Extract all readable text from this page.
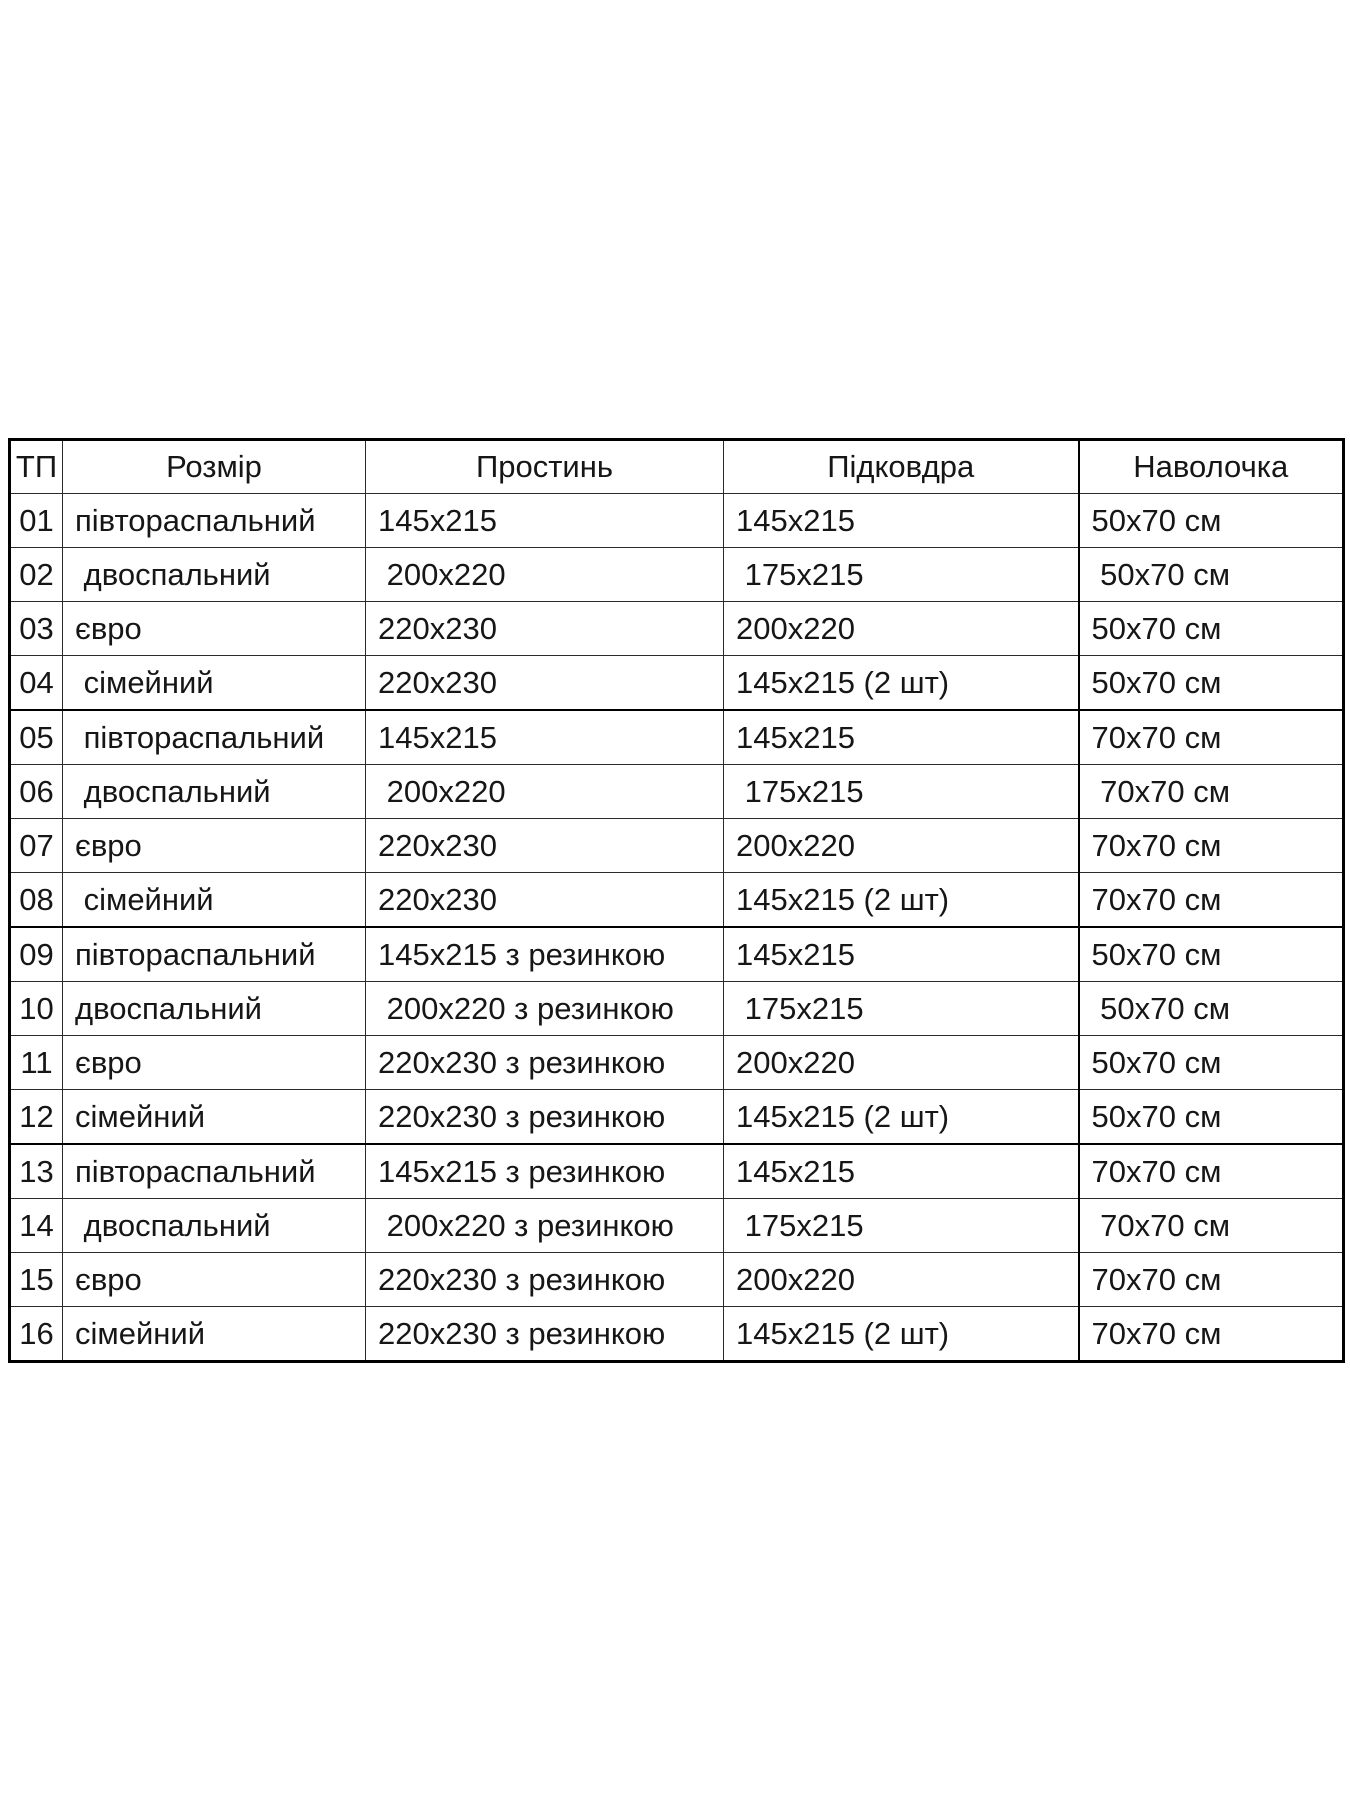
ТП	Розмір	Простинь	Підковдра	Наволочка
01	півтораспальний	145x215	145x215	50x70 см
02	двоспальний	200x220	175x215	50x70 см
03	євро	220x230	200x220	50x70 см
04	сімейний	220x230	145x215 (2 шт)	50x70 см
05	півтораспальний	145x215	145x215	70x70 см
06	двоспальний	200x220	175x215	70x70 см
07	євро	220x230	200x220	70x70 см
08	сімейний	220x230	145x215 (2 шт)	70x70 см
09	півтораспальний	145x215 з резинкою	145x215	50x70 см
10	двоспальний	200x220 з резинкою	175x215	50x70 см
11	євро	220x230 з резинкою	200x220	50x70 см
12	сімейний	220x230 з резинкою	145x215 (2 шт)	50x70 см
13	півтораспальний	145x215 з резинкою	145x215	70x70 см
14	двоспальний	200x220 з резинкою	175x215	70x70 см
15	євро	220x230 з резинкою	200x220	70x70 см
16	сімейний	220x230 з резинкою	145x215 (2 шт)	70x70 см
